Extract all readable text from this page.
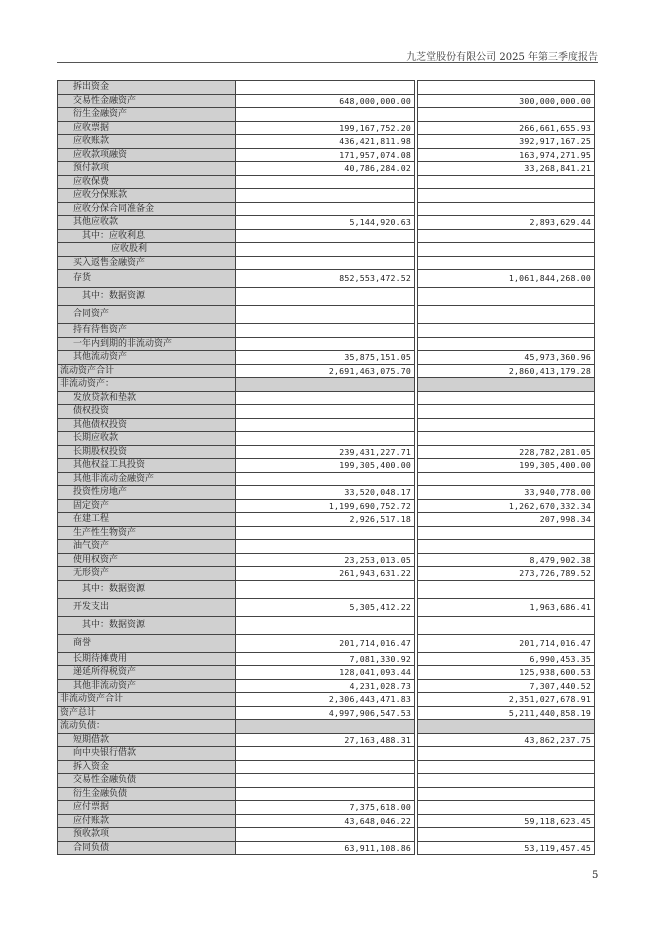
九芝堂股份有限公司 2025 年第三季度报告
拆出资金			
交易性金融资产	648,000,000.00		300,000,000.00
衍生金融资产			
应收票据	199,167,752.20		266,661,655.93
应收账款	436,421,811.98		392,917,167.25
应收款项融资	171,957,074.08		163,974,271.95
预付款项	40,786,284.02		33,268,841.21
应收保费			
应收分保账款			
应收分保合同准备金			
其他应收款	5,144,920.63		2,893,629.44
其中：应收利息			
应收股利			
买入返售金融资产			
存货	852,553,472.52		1,061,844,268.00
其中：数据资源			
合同资产			
持有待售资产			
一年内到期的非流动资产			
其他流动资产	35,875,151.05		45,973,360.96
流动资产合计	2,691,463,075.70		2,860,413,179.28
非流动资产：			
发放贷款和垫款			
债权投资			
其他债权投资			
长期应收款			
长期股权投资	239,431,227.71		228,782,281.05
其他权益工具投资	199,305,400.00		199,305,400.00
其他非流动金融资产			
投资性房地产	33,520,048.17		33,940,778.00
固定资产	1,199,690,752.72		1,262,670,332.34
在建工程	2,926,517.18		207,998.34
生产性生物资产			
油气资产			
使用权资产	23,253,013.05		8,479,902.38
无形资产	261,943,631.22		273,726,789.52
其中：数据资源			
开发支出	5,305,412.22		1,963,686.41
其中：数据资源			
商誉	201,714,016.47		201,714,016.47
长期待摊费用	7,081,330.92		6,990,453.35
递延所得税资产	128,041,093.44		125,938,600.53
其他非流动资产	4,231,028.73		7,307,440.52
非流动资产合计	2,306,443,471.83		2,351,027,678.91
资产总计	4,997,906,547.53		5,211,440,858.19
流动负债：			
短期借款	27,163,488.31		43,862,237.75
向中央银行借款			
拆入资金			
交易性金融负债			
衍生金融负债			
应付票据	7,375,618.00		
应付账款	43,648,046.22		59,118,623.45
预收款项			
合同负债	63,911,108.86		53,119,457.45
5
